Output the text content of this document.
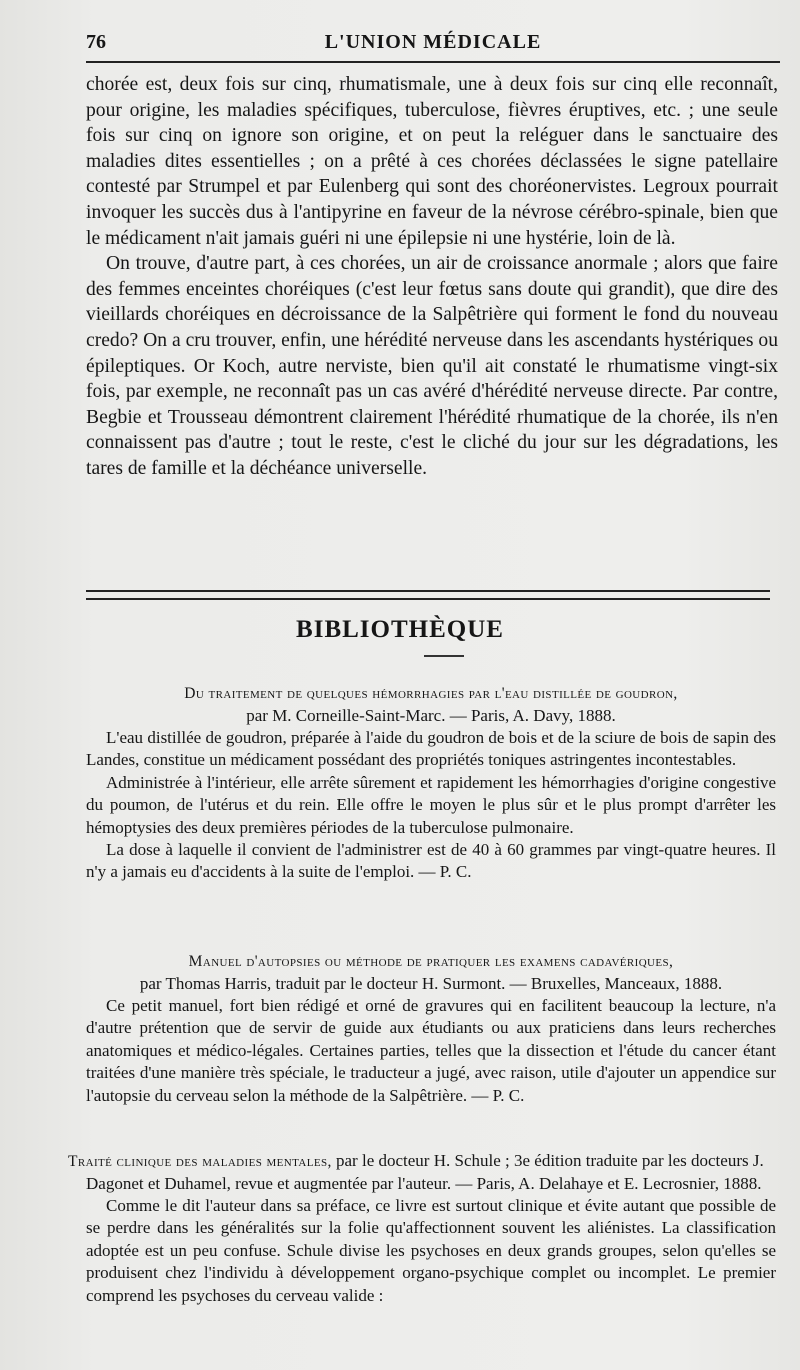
76	L'UNION MÉDICALE

chorée est, deux fois sur cinq, rhumatismale, une à deux fois sur cinq elle reconnaît, pour origine, les maladies spécifiques, tuberculose, fièvres éruptives, etc. ; une seule fois sur cinq on ignore son origine, et on peut la reléguer dans le sanctuaire des maladies dites essentielles ; on a prêté à ces chorées déclassées le signe patellaire contesté par Strumpel et par Eulenberg qui sont des choréonervistes. Legroux pourrait invoquer les succès dus à l'antipyrine en faveur de la névrose cérébro-spinale, bien que le médicament n'ait jamais guéri ni une épilepsie ni une hystérie, loin de là.

On trouve, d'autre part, à ces chorées, un air de croissance anormale ; alors que faire des femmes enceintes choréiques (c'est leur fœtus sans doute qui grandit), que dire des vieillards choréiques en décroissance de la Salpêtrière qui forment le fond du nouveau credo? On a cru trouver, enfin, une hérédité nerveuse dans les ascendants hystériques ou épileptiques. Or Koch, autre nerviste, bien qu'il ait constaté le rhumatisme vingt-six fois, par exemple, ne reconnaît pas un cas avéré d'hérédité nerveuse directe. Par contre, Begbie et Trousseau démontrent clairement l'hérédité rhumatique de la chorée, ils n'en connaissent pas d'autre ; tout le reste, c'est le cliché du jour sur les dégradations, les tares de famille et la déchéance universelle.

BIBLIOTHÈQUE
Du traitement de quelques hémorrhagies par l'eau distillée de goudron,
par M. Corneille-Saint-Marc. — Paris, A. Davy, 1888.

L'eau distillée de goudron, préparée à l'aide du goudron de bois et de la sciure de bois de sapin des Landes, constitue un médicament possédant des propriétés toniques astringentes incontestables.

Administrée à l'intérieur, elle arrête sûrement et rapidement les hémorrhagies d'origine congestive du poumon, de l'utérus et du rein. Elle offre le moyen le plus sûr et le plus prompt d'arrêter les hémoptysies des deux premières périodes de la tuberculose pulmonaire.

La dose à laquelle il convient de l'administrer est de 40 à 60 grammes par vingt-quatre heures. Il n'y a jamais eu d'accidents à la suite de l'emploi. — P. C.

Manuel d'autopsies ou méthode de pratiquer les examens cadavériques,
par Thomas Harris, traduit par le docteur H. Surmont. — Bruxelles, Manceaux, 1888.

Ce petit manuel, fort bien rédigé et orné de gravures qui en facilitent beaucoup la lecture, n'a d'autre prétention que de servir de guide aux étudiants ou aux praticiens dans leurs recherches anatomiques et médico-légales. Certaines parties, telles que la dissection et l'étude du cancer étant traitées d'une manière très spéciale, le traducteur a jugé, avec raison, utile d'ajouter un appendice sur l'autopsie du cerveau selon la méthode de la Salpêtrière. — P. C.

Traité clinique des maladies mentales, par le docteur H. Schule ; 3e édition traduite par les docteurs J. Dagonet et Duhamel, revue et augmentée par l'auteur. — Paris, A. Delahaye et E. Lecrosnier, 1888.

Comme le dit l'auteur dans sa préface, ce livre est surtout clinique et évite autant que possible de se perdre dans les généralités sur la folie qu'affectionnent souvent les aliénistes. La classification adoptée est un peu confuse. Schule divise les psychoses en deux grands groupes, selon qu'elles se produisent chez l'individu à développement organo-psychique complet ou incomplet. Le premier comprend les psychoses du cerveau valide :
